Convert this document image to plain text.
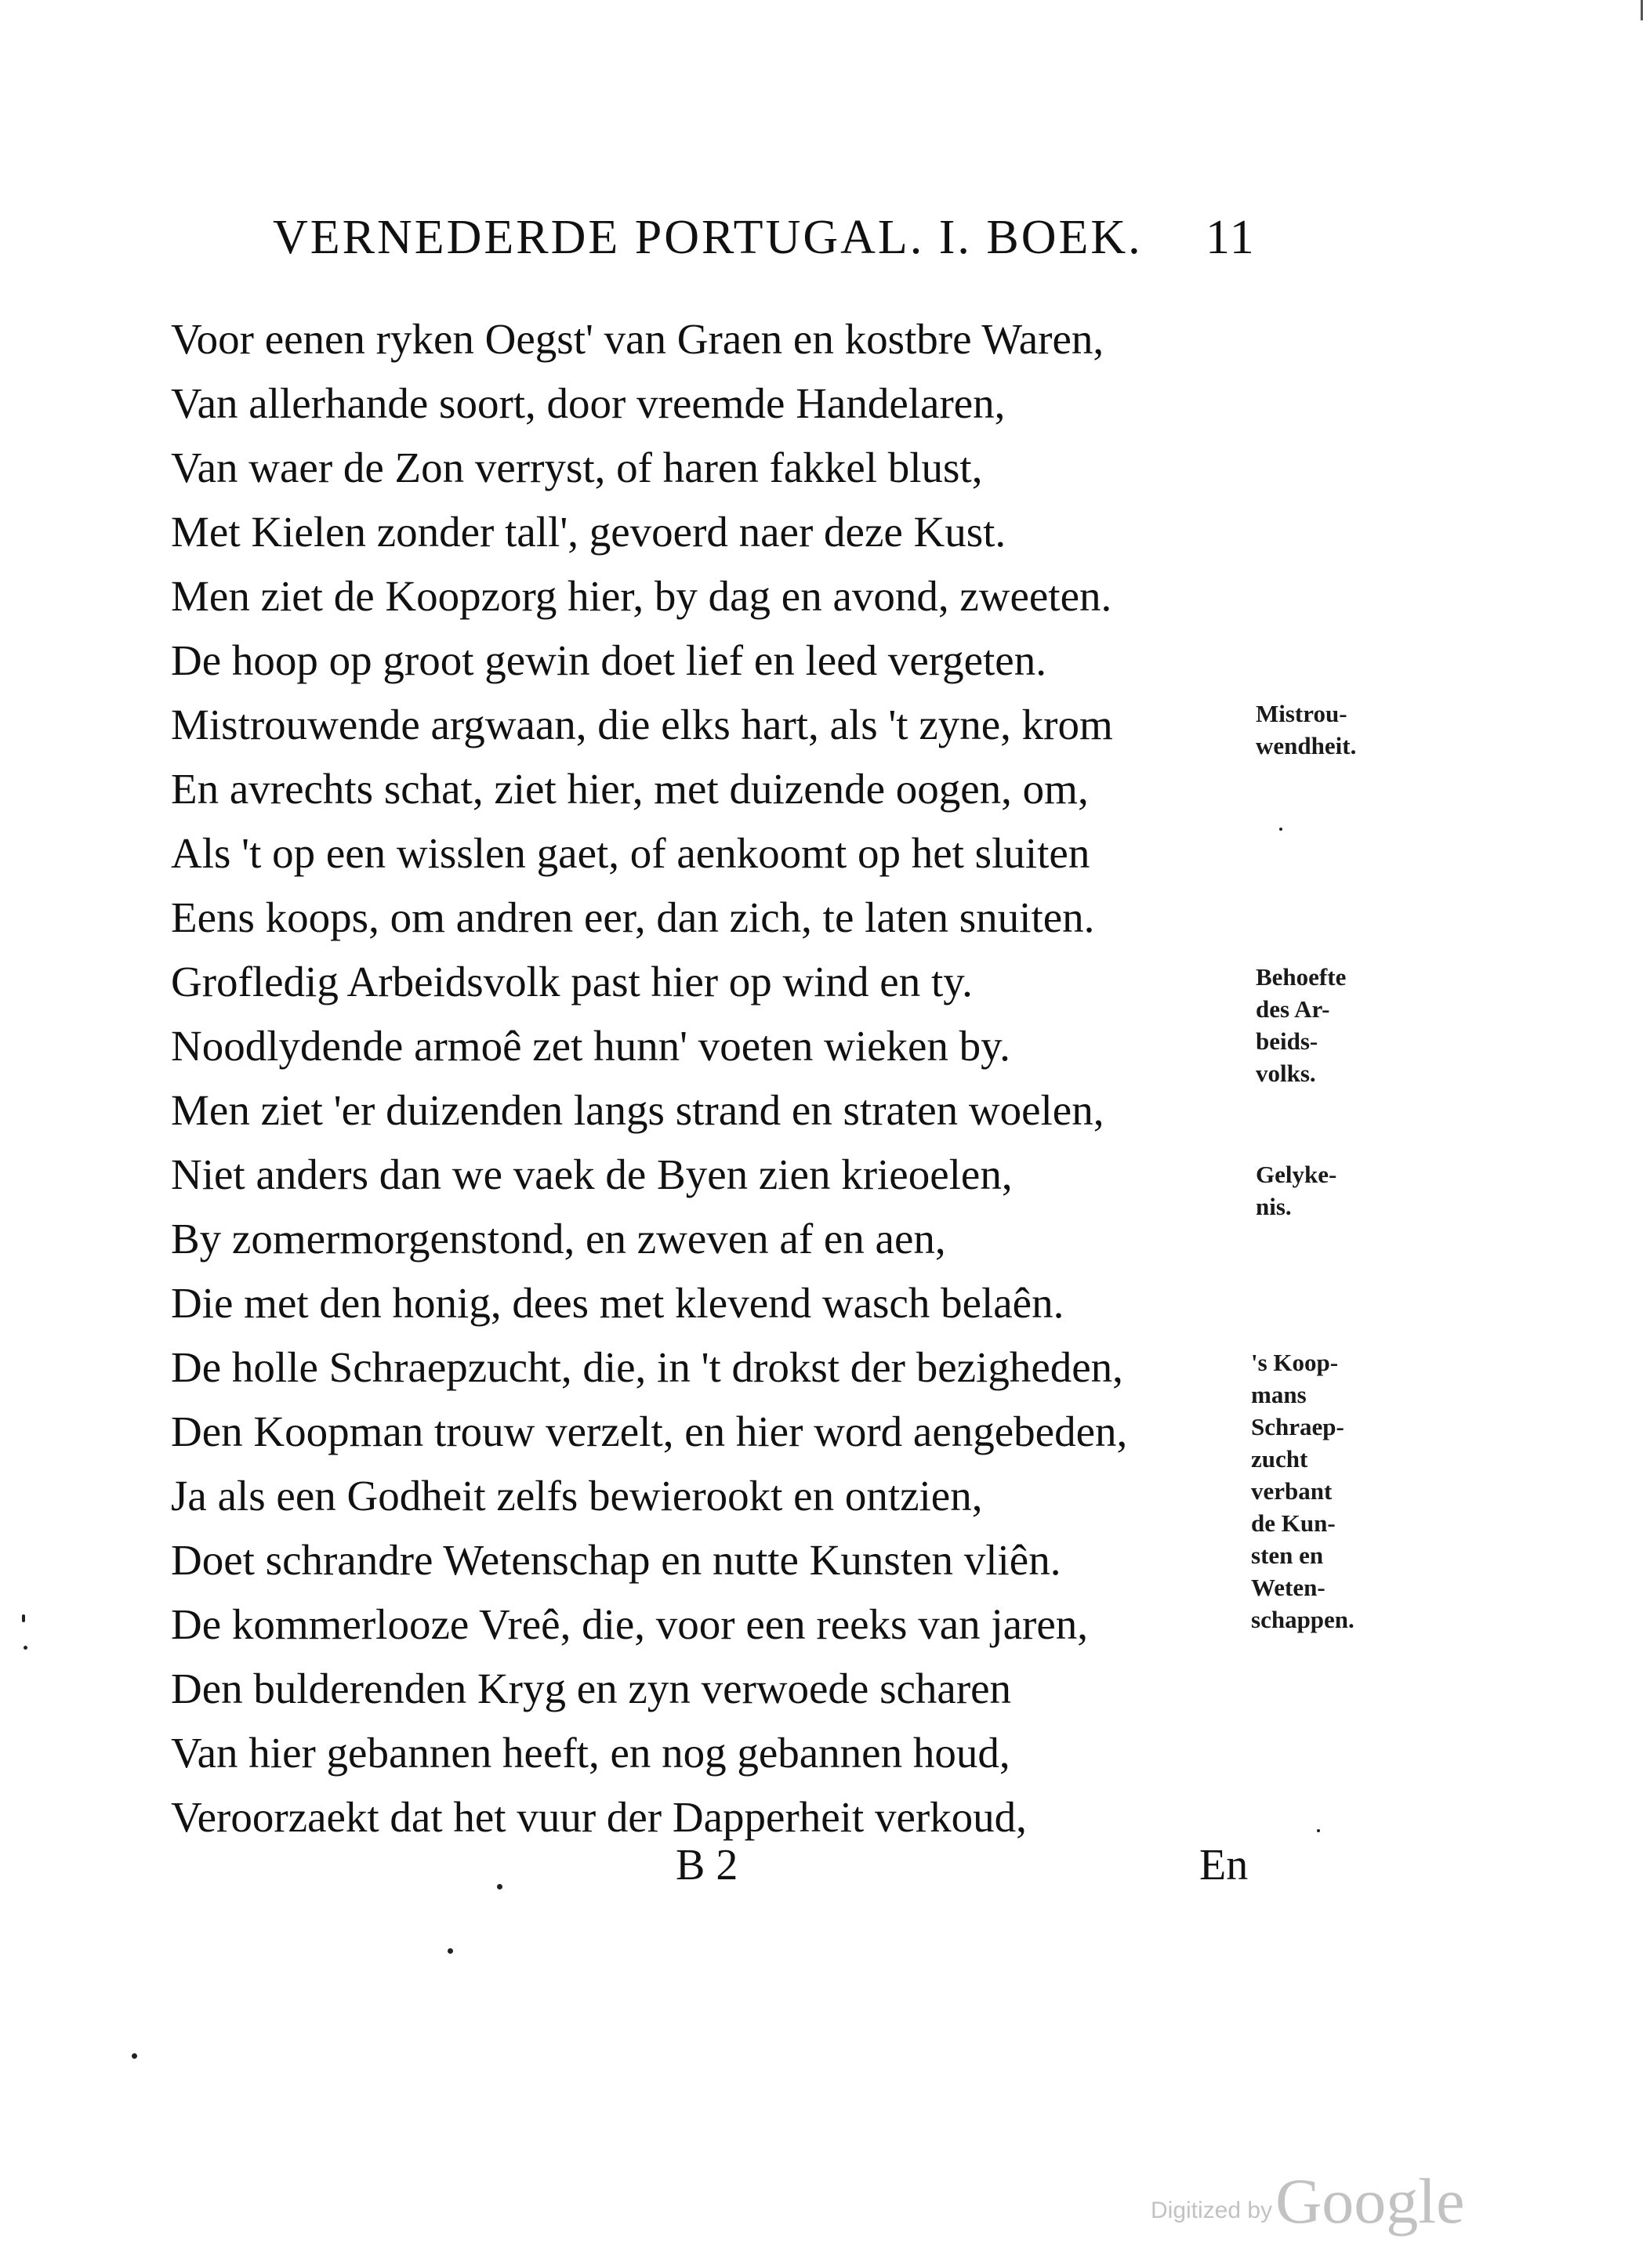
VERNEDERDE PORTUGAL. I. BOEK. 11
Voor eenen ryken Oegst' van Graen en kostbre Waren,
Van allerhande soort, door vreemde Handelaren,
Van waer de Zon verryst, of haren fakkel blust,
Met Kielen zonder tall', gevoerd naer deze Kust.
Men ziet de Koopzorg hier, by dag en avond, zweeten.
De hoop op groot gewin doet lief en leed vergeten.
Mistrouwende argwaan, die elks hart, als 't zyne, krom
En avrechts schat, ziet hier, met duizende oogen, om,
Als 't op een wisslen gaet, of aenkoomt op het sluiten
Eens koops, om andren eer, dan zich, te laten snuiten.
Grofledig Arbeidsvolk past hier op wind en ty.
Noodlydende armoê zet hunn' voeten wieken by.
Men ziet 'er duizenden langs strand en straten woelen,
Niet anders dan we vaek de Byen zien krieoelen,
By zomermorgenstond, en zweven af en aen,
Die met den honig, dees met klevend wasch belaên.
De holle Schraepzucht, die, in 't drokst der bezigheden,
Den Koopman trouw verzelt, en hier word aengebeden,
Ja als een Godheit zelfs bewierookt en ontzien,
Doet schrandre Wetenschap en nutte Kunsten vliên.
De kommerlooze Vreê, die, voor een reeks van jaren,
Den bulderenden Kryg en zyn verwoede scharen
Van hier gebannen heeft, en nog gebannen houd,
Veroorzaekt dat het vuur der Dapperheit verkoud,
Mistrou-
wendheit.
Behoefte
des Ar-
beids-
volks.
Gelyke-
nis.
's Koop-
mans
Schraep-
zucht
verbant
de Kun-
sten en
Weten-
schappen.
B 2	En
Digitized by Google
